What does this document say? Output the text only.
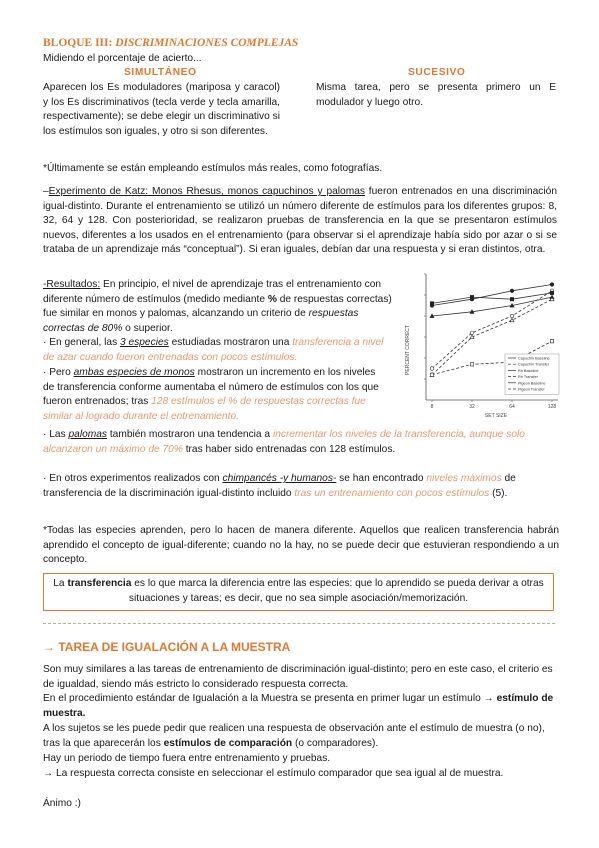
BLOQUE III: DISCRIMINACIONES COMPLEJAS
Midiendo el porcentaje de acierto...
SIMULTÁNEO
Aparecen los Es moduladores (mariposa y caracol) y los Es discriminativos (tecla verde y tecla amarilla, respectivamente); se debe elegir un discriminativo si los estímulos son iguales, y otro si son diferentes.
SUCESIVO
Misma tarea, pero se presenta primero un E modulador y luego otro.
*Últimamente se están empleando estímulos más reales, como fotografías.
–Experimento de Katz: Monos Rhesus, monos capuchinos y palomas fueron entrenados en una discriminación igual-distinto. Durante el entrenamiento se utilizó un número diferente de estímulos para los diferentes grupos: 8, 32, 64 y 128. Con posterioridad, se realizaron pruebas de transferencia en la que se presentaron estímulos nuevos, diferentes a los usados en el entrenamiento (para observar si el aprendizaje había sido por azar o si se trataba de un aprendizaje más “conceptual”). Si eran iguales, debían dar una respuesta y si eran distintos, otra.
-Resultados: En principio, el nivel de aprendizaje tras el entrenamiento con diferente número de estímulos (medido mediante % de respuestas correctas) fue similar en monos y palomas, alcanzando un criterio de respuestas correctas de 80% o superior.
· En general, las 3 especies estudiadas mostraron una transferencia a nivel de azar cuando fueron entrenadas con pocos estímulos.
· Pero ambas especies de monos mostraron un incremento en los niveles de transferencia conforme aumentaba el número de estímulos con los que fueron entrenados; tras 128 estímulos el % de respuestas correctas fue similar al logrado durante el entrenamiento.
· Las palomas también mostraron una tendencia a incrementar los niveles de la transferencia, aunque solo alcanzaron un máximo de 70% tras haber sido entrenadas con 128 estímulos.
· En otros experimentos realizados con chimpancés -y humanos- se han encontrado niveles máximos de transferencia de la discriminación igual-distinto incluido tras un entrenamiento con pocos estímulos (5).
8	32	64	128
Capuchin Baseline
Capuchin Transfer
Rh Baseline
Rh Transfer
Pigeon Baseline
Pigeon Transfer
PERCENT CORRECT
SET SIZE
*Todas las especies aprenden, pero lo hacen de manera diferente. Aquellos que realicen transferencia habrán aprendido el concepto de igual-diferente; cuando no la hay, no se puede decir que estuvieran respondiendo a un concepto.
La transferencia es lo que marca la diferencia entre las especies: que lo aprendido se pueda derivar a otras situaciones y tareas; es decir, que no sea simple asociación/memorización.
→ TAREA DE IGUALACIÓN A LA MUESTRA
Son muy similares a las tareas de entrenamiento de discriminación igual-distinto; pero en este caso, el criterio es de igualdad, siendo más estricto lo considerado respuesta correcta.
En el procedimiento estándar de Igualación a la Muestra se presenta en primer lugar un estímulo → estímulo de muestra.
A los sujetos se les puede pedir que realicen una respuesta de observación ante el estímulo de muestra (o no), tras la que aparecerán los estímulos de comparación (o comparadores).
Hay un periodo de tiempo fuera entre entrenamiento y pruebas.
→ La respuesta correcta consiste en seleccionar el estímulo comparador que sea igual al de muestra.
Ánimo :)
